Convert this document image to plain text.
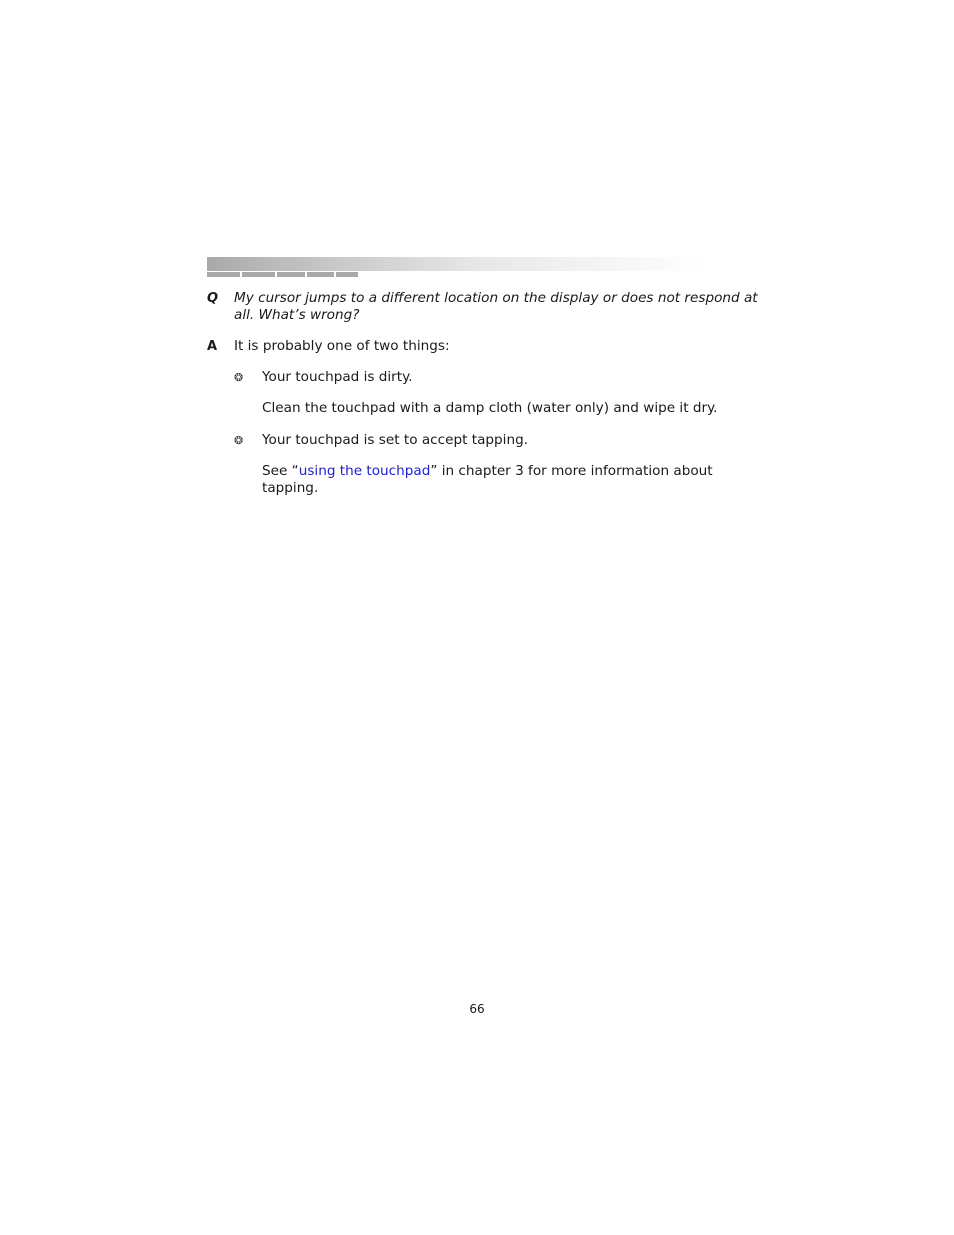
Q My cursor jumps to a different location on the display or does not respond at
all. What’s wrong?
A It is probably one of two things:
❂ Your touchpad is dirty.
Clean the touchpad with a damp cloth (water only) and wipe it dry.
❂ Your touchpad is set to accept tapping.
See “using the touchpad” in chapter 3 for more information about
tapping.
66
